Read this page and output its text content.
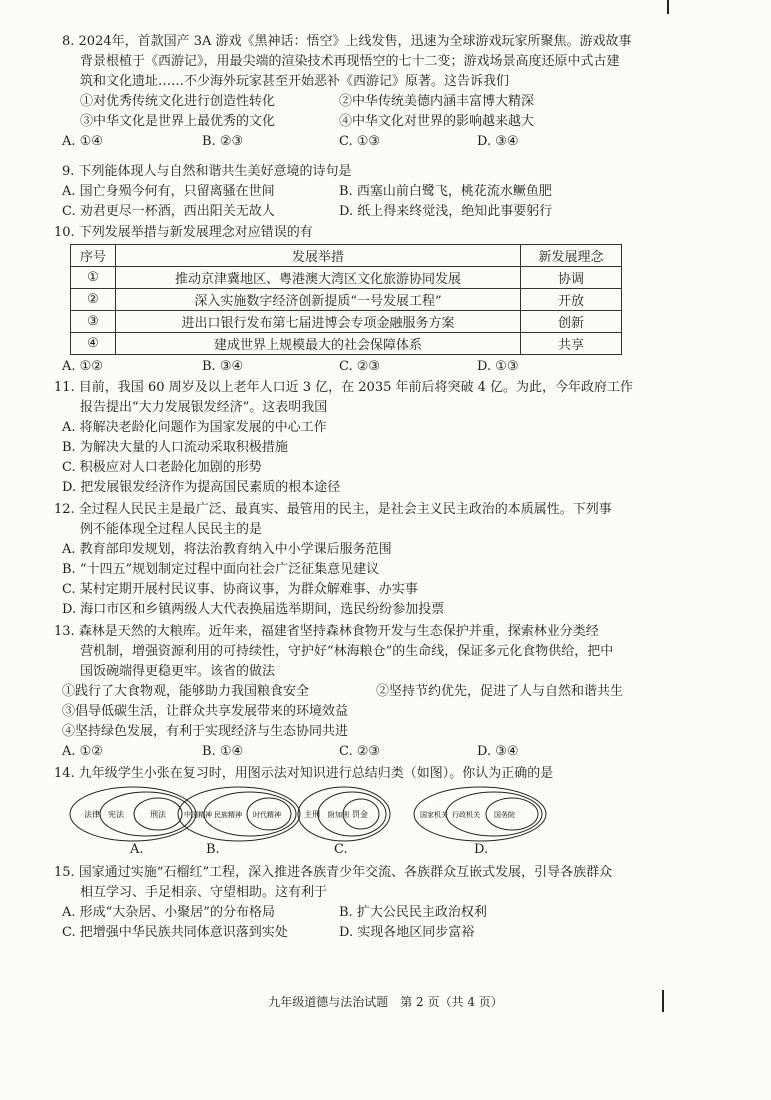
8. 2024年，首款国产 3A 游戏《黑神话：悟空》上线发售，迅速为全球游戏玩家所聚焦。游戏故事
背景根植于《西游记》，用最尖端的渲染技术再现悟空的七十二变；游戏场景高度还原中式古建
筑和文化遗址……不少海外玩家甚至开始恶补《西游记》原著。这告诉我们
①对优秀传统文化进行创造性转化	②中华传统美德内涵丰富博大精深
③中华文化是世界上最优秀的文化	④中华文化对世界的影响越来越大
A. ①④	B. ②③	C. ①③	D. ③④
9. 下列能体现人与自然和谐共生美好意境的诗句是
A. 国亡身殒今何有，只留离骚在世间	B. 西塞山前白鹭飞，桃花流水鳜鱼肥
C. 劝君更尽一杯酒，西出阳关无故人	D. 纸上得来终觉浅，绝知此事要躬行
10. 下列发展举措与新发展理念对应错误的有
序号	发展举措	新发展理念
①	推动京津冀地区、粤港澳大湾区文化旅游协同发展	协调
②	深入实施数字经济创新提质“一号发展工程”	开放
③	进出口银行发布第七届进博会专项金融服务方案	创新
④	建成世界上规模最大的社会保障体系	共享
A. ①②	B. ③④	C. ②③	D. ①③
11. 目前，我国 60 周岁及以上老年人口近 3 亿，在 2035 年前后将突破 4 亿。为此，今年政府工作
报告提出“大力发展银发经济”。这表明我国
A. 将解决老龄化问题作为国家发展的中心工作
B. 为解决大量的人口流动采取积极措施
C. 积极应对人口老龄化加剧的形势
D. 把发展银发经济作为提高国民素质的根本途径
12. 全过程人民民主是最广泛、最真实、最管用的民主，是社会主义民主政治的本质属性。下列事
例不能体现全过程人民民主的是
A. 教育部印发规划，将法治教育纳入中小学课后服务范围
B. “十四五”规划制定过程中面向社会广泛征集意见建议
C. 某村定期开展村民议事、协商议事，为群众解难事、办实事
D. 海口市区和乡镇两级人大代表换届选举期间，选民纷纷参加投票
13. 森林是天然的大粮库。近年来，福建省坚持森林食物开发与生态保护并重，探索林业分类经
营机制，增强资源利用的可持续性，守护好“林海粮仓”的生命线，保证多元化食物供给，把中
国饭碗端得更稳更牢。该省的做法
①践行了大食物观，能够助力我国粮食安全	②坚持节约优先，促进了人与自然和谐共生
③倡导低碳生活，让群众共享发展带来的环境效益
④坚持绿色发展，有利于实现经济与生态协同共进
A. ①②	B. ①④	C. ②③	D. ③④
14. 九年级学生小张在复习时，用图示法对知识进行总结归类（如图）。你认为正确的是
法律 宪法	刑法
A.
中国精神 民族精神 时代精神
B.
主刑 附加刑 罚金
C.
国家机关 行政机关 国务院
D.
15. 国家通过实施“石榴红”工程，深入推进各族青少年交流、各族群众互嵌式发展，引导各族群众
相互学习、手足相亲、守望相助。这有利于
A. 形成“大杂居、小聚居”的分布格局	B. 扩大公民民主政治权利
C. 把增强中华民族共同体意识落到实处	D. 实现各地区同步富裕
九年级道德与法治试题　第 2 页（共 4 页）
